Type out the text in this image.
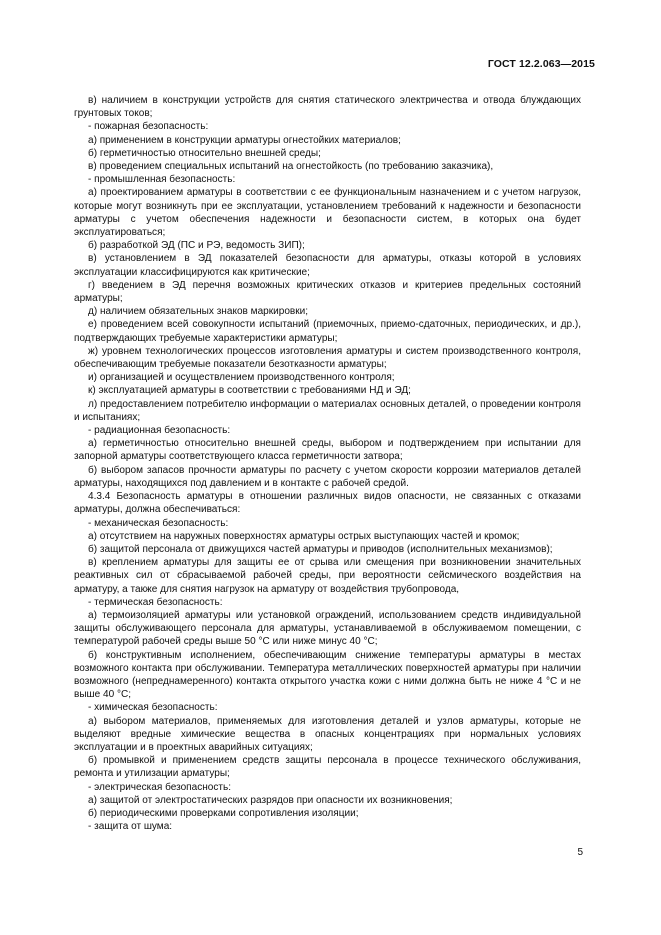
ГОСТ 12.2.063—2015

в) наличием в конструкции устройств для снятия статического электричества и отвода блуждающих грунтовых токов;

- пожарная безопасность:

а) применением в конструкции арматуры огнестойких материалов;

б) герметичностью относительно внешней среды;

в) проведением специальных испытаний на огнестойкость (по требованию заказчика),

- промышленная безопасность:

а) проектированием арматуры в соответствии с ее функциональным назначением и с учетом нагрузок, которые могут возникнуть при ее эксплуатации, установлением требований к надежности и безопасности арматуры с учетом обеспечения надежности и безопасности систем, в которых она будет эксплуатироваться;

б) разработкой ЭД (ПС и РЭ, ведомость ЗИП);

в) установлением в ЭД показателей безопасности для арматуры, отказы которой в условиях эксплуатации классифицируются как критические;

г) введением в ЭД перечня возможных критических отказов и критериев предельных состояний арматуры;

д) наличием обязательных знаков маркировки;

е) проведением всей совокупности испытаний (приемочных, приемо-сдаточных, периодических, и др.), подтверждающих требуемые характеристики арматуры;

ж) уровнем технологических процессов изготовления арматуры и систем производственного контроля, обеспечивающим требуемые показатели безотказности арматуры;

и) организацией и осуществлением производственного контроля;

к) эксплуатацией арматуры в соответствии с требованиями НД и ЭД;

л) предоставлением потребителю информации о материалах основных деталей, о проведении контроля и испытаниях;

- радиационная безопасность:

а) герметичностью относительно внешней среды, выбором и подтверждением при испытании для запорной арматуры соответствующего класса герметичности затвора;

б) выбором запасов прочности арматуры по расчету с учетом скорости коррозии материалов деталей арматуры, находящихся под давлением и в контакте с рабочей средой.

4.3.4 Безопасность арматуры в отношении различных видов опасности, не связанных с отказами арматуры, должна обеспечиваться:

- механическая безопасность:

а) отсутствием на наружных поверхностях арматуры острых выступающих частей и кромок;

б) защитой персонала от движущихся частей арматуры и приводов (исполнительных механизмов);

в) креплением арматуры для защиты ее от срыва или смещения при возникновении значительных реактивных сил от сбрасываемой рабочей среды, при вероятности сейсмического воздействия на арматуру, а также для снятия нагрузок на арматуру от воздействия трубопровода,

- термическая безопасность:

а) термоизоляцией арматуры или установкой ограждений, использованием средств индивидуальной защиты обслуживающего персонала для арматуры, устанавливаемой в обслуживаемом помещении, с температурой рабочей среды выше 50 °С или ниже минус 40 °С;

б) конструктивным исполнением, обеспечивающим снижение температуры арматуры в местах возможного контакта при обслуживании. Температура металлических поверхностей арматуры при наличии возможного (непреднамеренного) контакта открытого участка кожи с ними должна быть не ниже 4 °С и не выше 40 °С;

- химическая безопасность:

а) выбором материалов, применяемых для изготовления деталей и узлов арматуры, которые не выделяют вредные химические вещества в опасных концентрациях при нормальных условиях эксплуатации и в проектных аварийных ситуациях;

б) промывкой и применением средств защиты персонала в процессе технического обслуживания, ремонта и утилизации арматуры;

- электрическая безопасность:

а) защитой от электростатических разрядов при опасности их возникновения;

б) периодическими проверками сопротивления изоляции;

- защита от шума:

5
